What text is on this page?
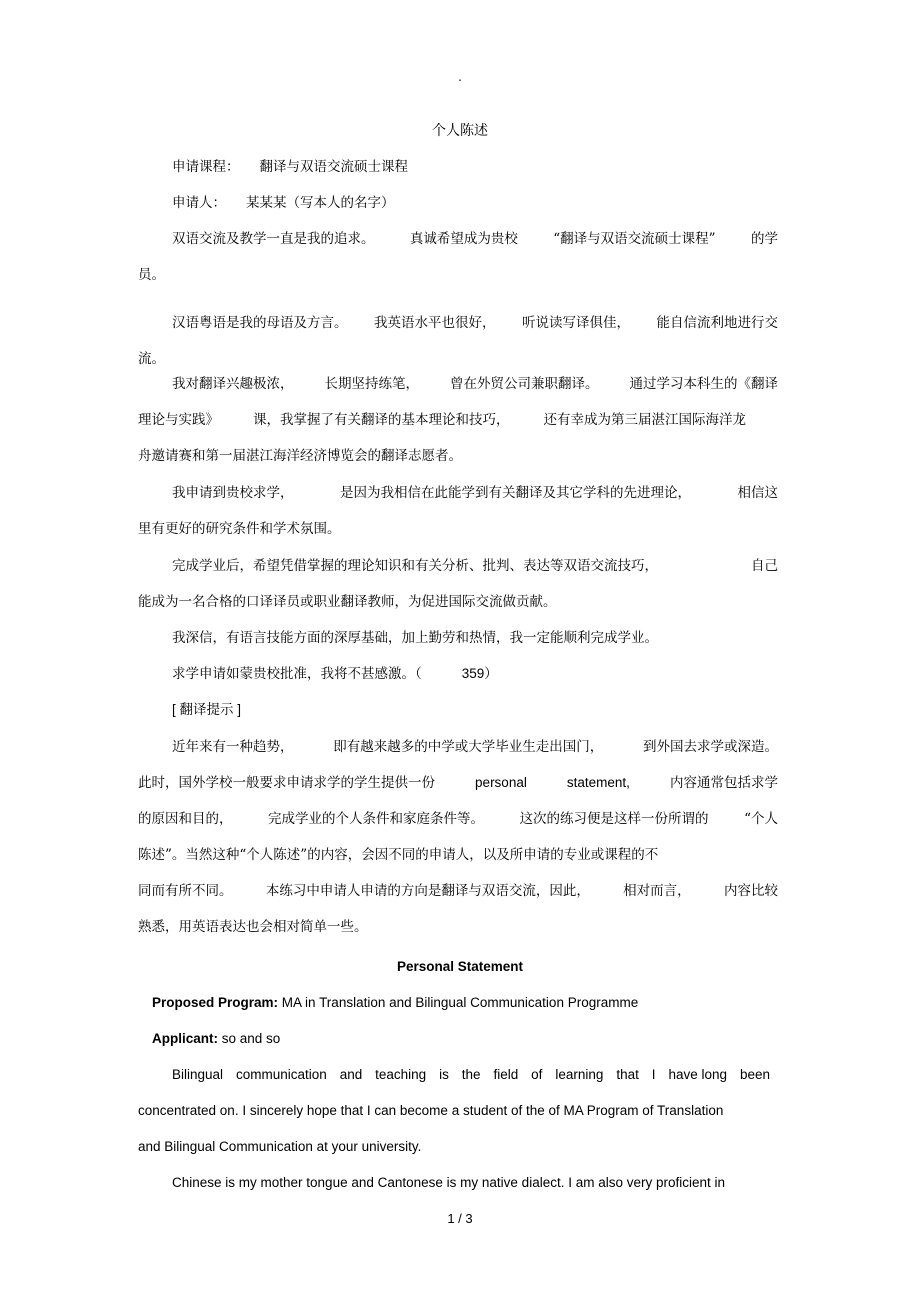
.
个人陈述

申请课程： 翻译与双语交流硕士课程

申请人： 某某某（写本人的名字）

双语交流及教学一直是我的追求。	真诚希望成为贵校	“翻译与双语交流硕士课程”	的学
员。

汉语粤语是我的母语及方言。 我英语水平也很好， 听说读写译俱佳， 能自信流利地进行交
流。

我对翻译兴趣极浓， 长期坚持练笔， 曾在外贸公司兼职翻译。 通过学习本科生的《翻译
理论与实践》	课，我掌握了有关翻译的基本理论和技巧，	还有幸成为第三届湛江国际海洋龙
舟邀请赛和第一届湛江海洋经济博览会的翻译志愿者。

我申请到贵校求学，	是因为我相信在此能学到有关翻译及其它学科的先进理论，	相信这
里有更好的研究条件和学术氛围。

完成学业后，希望凭借掌握的理论知识和有关分析、批判、表达等双语交流技巧，	自己
能成为一名合格的口译译员或职业翻译教师，为促进国际交流做贡献。

我深信，有语言技能方面的深厚基础，加上勤劳和热情，我一定能顺利完成学业。

求学申请如蒙贵校批准，我将不甚感激。（	359）

[ 翻译提示 ]

近年来有一种趋势，	即有越来越多的中学或大学毕业生走出国门，	到外国去求学或深造。
此时，国外学校一般要求申请求学的学生提供一份	personal	statement,	内容通常包括求学
的原因和目的，	完成学业的个人条件和家庭条件等。	这次的练习便是这样一份所谓的	“个人
陈述”。当然这种“个人陈述”的内容，会因不同的申请人，以及所申请的专业或课程的不
同而有所不同。 本练习中申请人申请的方向是翻译与双语交流，因此， 相对而言， 内容比较
熟悉，用英语表达也会相对简单一些。

Personal Statement

Proposed Program: MA in Translation and Bilingual Communication Programme

Applicant: so and so

Bilingual communication and teaching is the field of learning that I have long been
concentrated on. I sincerely hope that I can become a student of the of MA Program of Translation
and Bilingual Communication at your university.

Chinese is my mother tongue and Cantonese is my native dialect. I am also very proficient in

1 / 3
